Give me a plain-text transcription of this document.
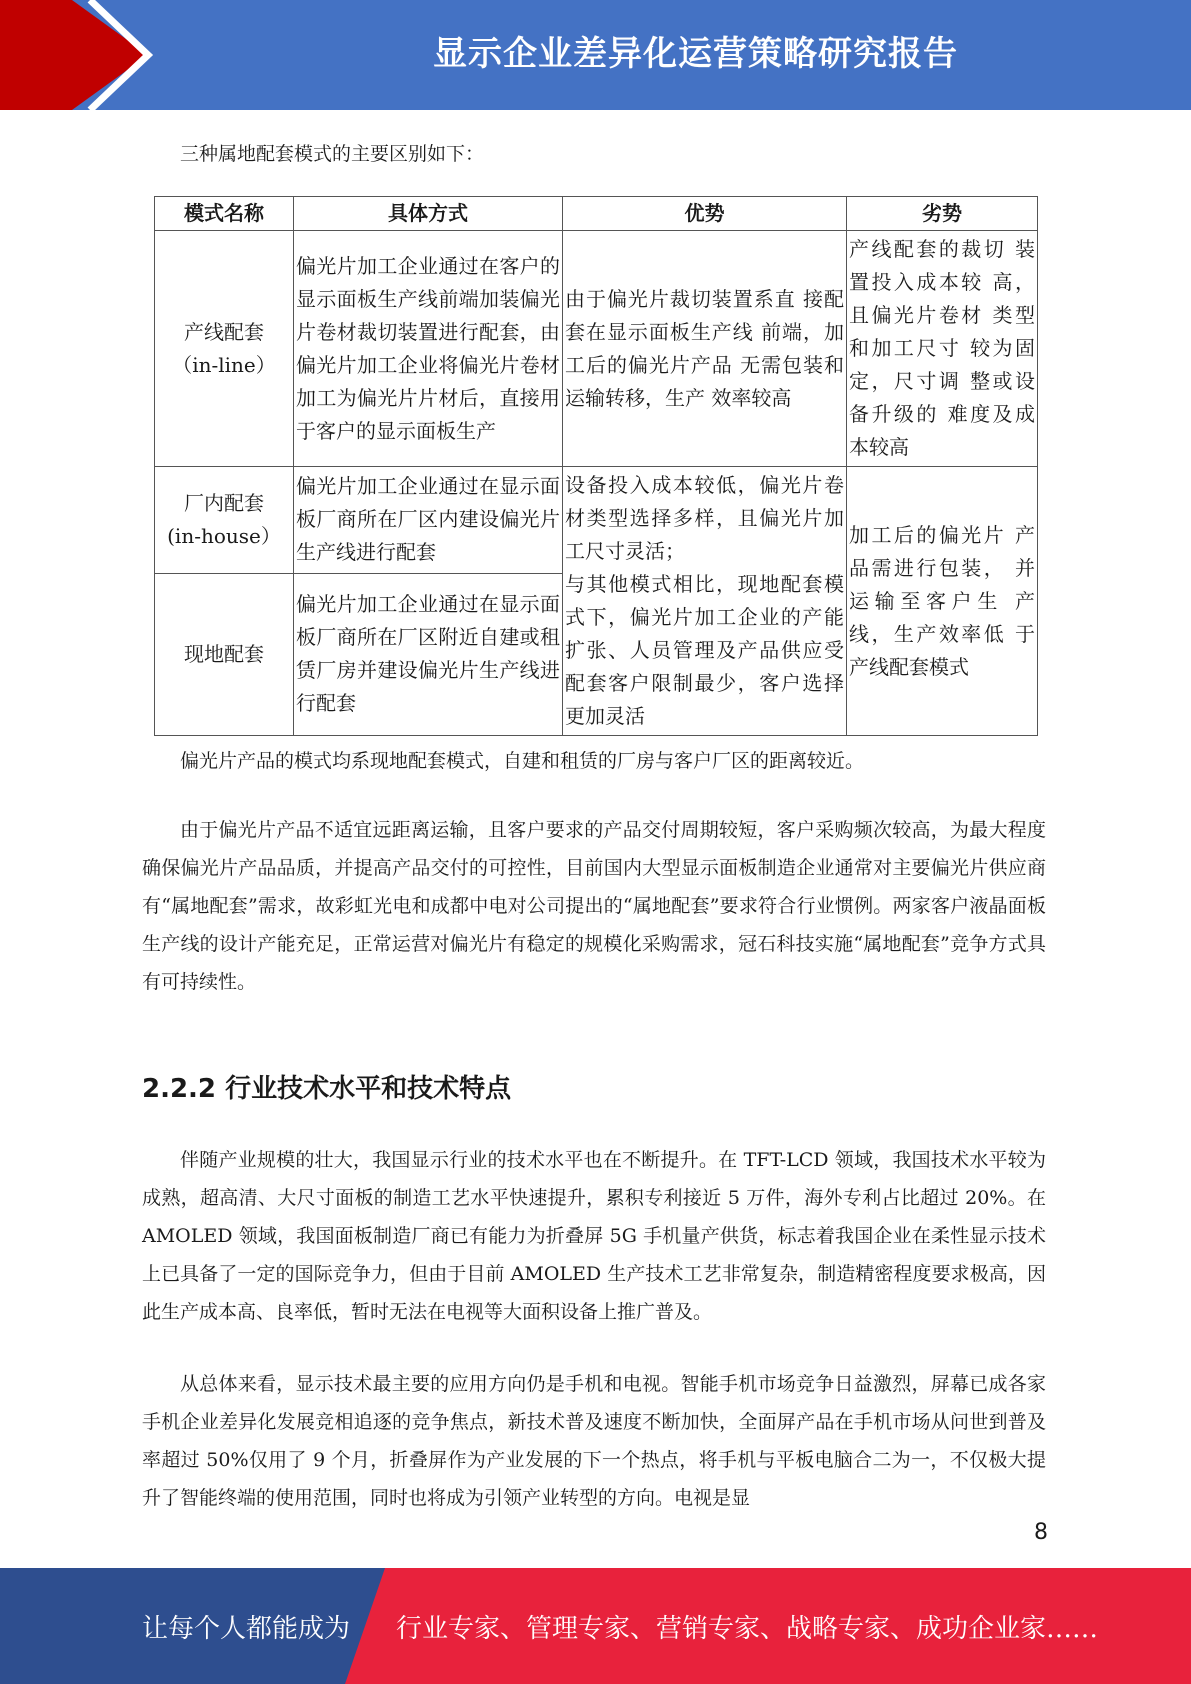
显示企业差异化运营策略研究报告

三种属地配套模式的主要区别如下：

模式名称	具体方式	优势	劣势

产线配套
（in-line）	偏光片加工企业通过在客户的显示面板生产线前端加装偏光片卷材裁切装置进行配套，由偏光片加工企业将偏光片卷材加工为偏光片片材后，直接用于客户的显示面板生产	由于偏光片裁切装置系直 接配套在显示面板生产线 前端，加工后的偏光片产品 无需包装和运输转移，生产 效率较高	产线配套的裁切 装置投入成本较 高，且偏光片卷材 类型和加工尺寸 较为固定，尺寸调 整或设备升级的 难度及成本较高

厂内配套
(in-house）	偏光片加工企业通过在显示面板厂商所在厂区内建设偏光片生产线进行配套	设备投入成本较低，偏光片卷材类型选择多样，且偏光片加工尺寸灵活；
与其他模式相比，现地配套模式下，偏光片加工企业的产能扩张、人员管理及产品供应受配套客户限制最少，客户选择更加灵活	加工后的偏光片 产品需进行包装， 并运输至客户生 产线，生产效率低 于产线配套模式

现地配套	偏光片加工企业通过在显示面板厂商所在厂区附近自建或租赁厂房并建设偏光片生产线进行配套		

偏光片产品的模式均系现地配套模式，自建和租赁的厂房与客户厂区的距离较近。

由于偏光片产品不适宜远距离运输，且客户要求的产品交付周期较短，客户采购频次较高，为最大程度确保偏光片产品品质，并提高产品交付的可控性，目前国内大型显示面板制造企业通常对主要偏光片供应商有“属地配套”需求，故彩虹光电和成都中电对公司提出的“属地配套”要求符合行业惯例。两家客户液晶面板生产线的设计产能充足，正常运营对偏光片有稳定的规模化采购需求，冠石科技实施“属地配套”竞争方式具有可持续性。

2.2.2 行业技术水平和技术特点

伴随产业规模的壮大，我国显示行业的技术水平也在不断提升。在 TFT-LCD 领域，我国技术水平较为成熟，超高清、大尺寸面板的制造工艺水平快速提升，累积专利接近 5 万件，海外专利占比超过 20%。在 AMOLED 领域，我国面板制造厂商已有能力为折叠屏 5G 手机量产供货，标志着我国企业在柔性显示技术上已具备了一定的国际竞争力，但由于目前 AMOLED 生产技术工艺非常复杂，制造精密程度要求极高，因此生产成本高、良率低，暂时无法在电视等大面积设备上推广普及。

从总体来看，显示技术最主要的应用方向仍是手机和电视。智能手机市场竞争日益激烈，屏幕已成各家手机企业差异化发展竞相追逐的竞争焦点，新技术普及速度不断加快，全面屏产品在手机市场从问世到普及率超过 50%仅用了 9 个月，折叠屏作为产业发展的下一个热点，将手机与平板电脑合二为一，不仅极大提升了智能终端的使用范围，同时也将成为引领产业转型的方向。电视是显

8
让每个人都能成为 行业专家、管理专家、营销专家、战略专家、成功企业家……
